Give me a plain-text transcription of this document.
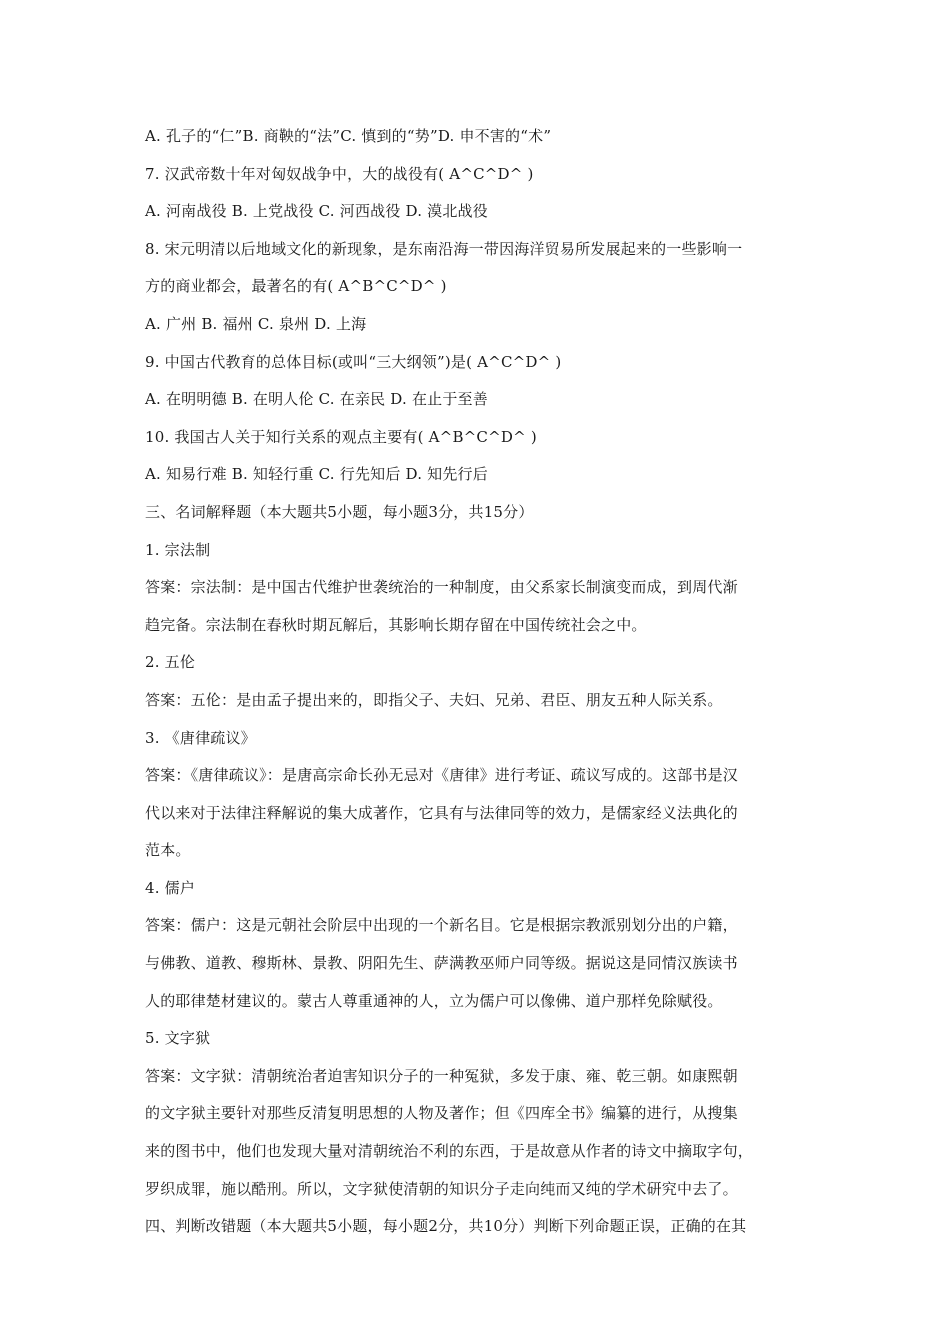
A. 孔子的“仁”B. 商鞅的“法”C. 慎到的“势”D. 申不害的“术”
7. 汉武帝数十年对匈奴战争中，大的战役有( A^C^D^ )
A. 河南战役 B. 上党战役 C. 河西战役 D. 漠北战役
8. 宋元明清以后地域文化的新现象，是东南沿海一带因海洋贸易所发展起来的一些影响一
方的商业都会，最著名的有( A^B^C^D^ )
A. 广州 B. 福州 C. 泉州 D. 上海
9. 中国古代教育的总体目标(或叫“三大纲领”)是( A^C^D^ )
A. 在明明德 B. 在明人伦 C. 在亲民 D. 在止于至善
10. 我国古人关于知行关系的观点主要有( A^B^C^D^ )
A. 知易行难 B. 知轻行重 C. 行先知后 D. 知先行后
三、名词解释题（本大题共5小题，每小题3分，共15分）
1. 宗法制
答案：宗法制：是中国古代维护世袭统治的一种制度，由父系家长制演变而成，到周代渐
趋完备。宗法制在春秋时期瓦解后，其影响长期存留在中国传统社会之中。
2. 五伦
答案：五伦：是由孟子提出来的，即指父子、夫妇、兄弟、君臣、朋友五种人际关系。
3. 《唐律疏议》
答案：《唐律疏议》：是唐高宗命长孙无忌对《唐律》进行考证、疏议写成的。这部书是汉
代以来对于法律注释解说的集大成著作，它具有与法律同等的效力，是儒家经义法典化的
范本。
4. 儒户
答案：儒户：这是元朝社会阶层中出现的一个新名目。它是根据宗教派别划分出的户籍，
与佛教、道教、穆斯林、景教、阴阳先生、萨满教巫师户同等级。据说这是同情汉族读书
人的耶律楚材建议的。蒙古人尊重通神的人，立为儒户可以像佛、道户那样免除赋役。
5. 文字狱
答案：文字狱：清朝统治者迫害知识分子的一种冤狱，多发于康、雍、乾三朝。如康熙朝
的文字狱主要针对那些反清复明思想的人物及著作；但《四库全书》编纂的进行，从搜集
来的图书中，他们也发现大量对清朝统治不利的东西，于是故意从作者的诗文中摘取字句，
罗织成罪，施以酷刑。所以，文字狱使清朝的知识分子走向纯而又纯的学术研究中去了。
四、判断改错题（本大题共5小题，每小题2分，共10分）判断下列命题正误，正确的在其
